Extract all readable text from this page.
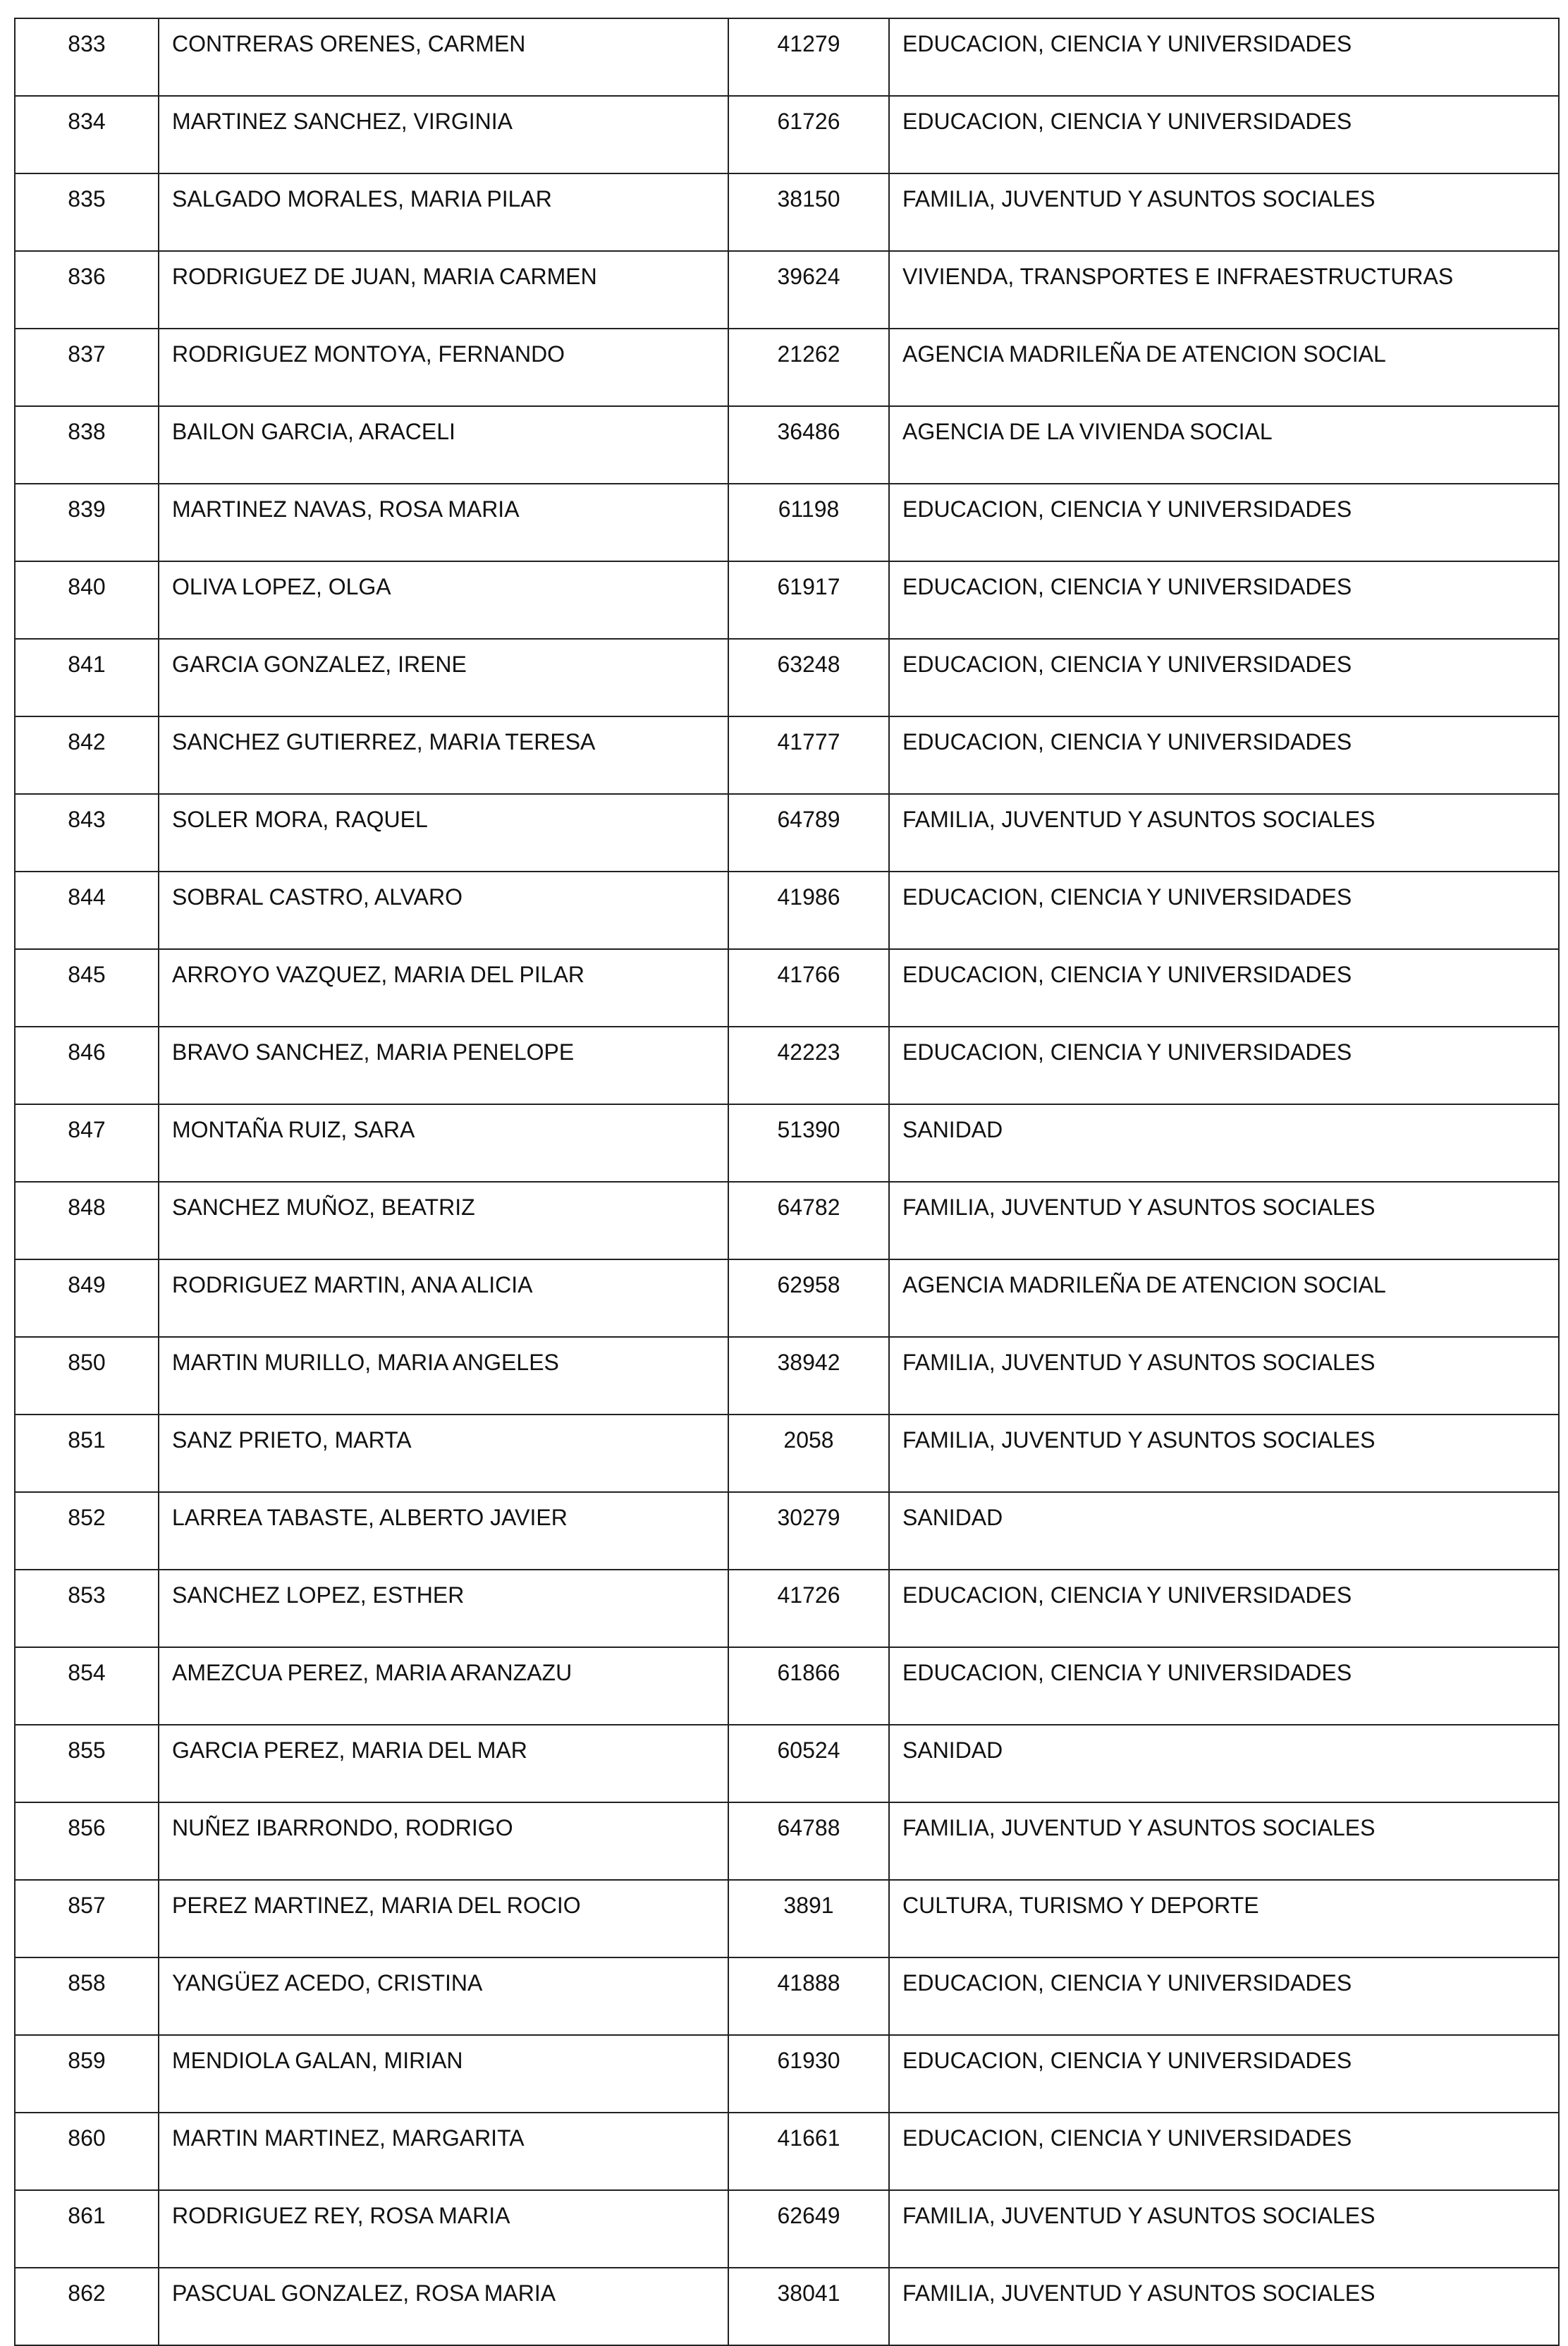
833	CONTRERAS ORENES, CARMEN	41279	EDUCACION, CIENCIA Y UNIVERSIDADES
834	MARTINEZ SANCHEZ, VIRGINIA	61726	EDUCACION, CIENCIA Y UNIVERSIDADES
835	SALGADO MORALES, MARIA PILAR	38150	FAMILIA, JUVENTUD Y ASUNTOS SOCIALES
836	RODRIGUEZ DE JUAN, MARIA CARMEN	39624	VIVIENDA, TRANSPORTES E INFRAESTRUCTURAS
837	RODRIGUEZ MONTOYA, FERNANDO	21262	AGENCIA MADRILEÑA DE ATENCION SOCIAL
838	BAILON GARCIA, ARACELI	36486	AGENCIA DE LA VIVIENDA SOCIAL
839	MARTINEZ NAVAS, ROSA MARIA	61198	EDUCACION, CIENCIA Y UNIVERSIDADES
840	OLIVA LOPEZ, OLGA	61917	EDUCACION, CIENCIA Y UNIVERSIDADES
841	GARCIA GONZALEZ, IRENE	63248	EDUCACION, CIENCIA Y UNIVERSIDADES
842	SANCHEZ GUTIERREZ, MARIA TERESA	41777	EDUCACION, CIENCIA Y UNIVERSIDADES
843	SOLER MORA, RAQUEL	64789	FAMILIA, JUVENTUD Y ASUNTOS SOCIALES
844	SOBRAL CASTRO, ALVARO	41986	EDUCACION, CIENCIA Y UNIVERSIDADES
845	ARROYO VAZQUEZ, MARIA DEL PILAR	41766	EDUCACION, CIENCIA Y UNIVERSIDADES
846	BRAVO SANCHEZ, MARIA PENELOPE	42223	EDUCACION, CIENCIA Y UNIVERSIDADES
847	MONTAÑA RUIZ, SARA	51390	SANIDAD
848	SANCHEZ MUÑOZ, BEATRIZ	64782	FAMILIA, JUVENTUD Y ASUNTOS SOCIALES
849	RODRIGUEZ MARTIN, ANA ALICIA	62958	AGENCIA MADRILEÑA DE ATENCION SOCIAL
850	MARTIN MURILLO, MARIA ANGELES	38942	FAMILIA, JUVENTUD Y ASUNTOS SOCIALES
851	SANZ PRIETO, MARTA	2058	FAMILIA, JUVENTUD Y ASUNTOS SOCIALES
852	LARREA TABASTE, ALBERTO JAVIER	30279	SANIDAD
853	SANCHEZ LOPEZ, ESTHER	41726	EDUCACION, CIENCIA Y UNIVERSIDADES
854	AMEZCUA PEREZ, MARIA ARANZAZU	61866	EDUCACION, CIENCIA Y UNIVERSIDADES
855	GARCIA PEREZ, MARIA DEL MAR	60524	SANIDAD
856	NUÑEZ IBARRONDO, RODRIGO	64788	FAMILIA, JUVENTUD Y ASUNTOS SOCIALES
857	PEREZ MARTINEZ, MARIA DEL ROCIO	3891	CULTURA, TURISMO Y DEPORTE
858	YANGÜEZ ACEDO, CRISTINA	41888	EDUCACION, CIENCIA Y UNIVERSIDADES
859	MENDIOLA GALAN, MIRIAN	61930	EDUCACION, CIENCIA Y UNIVERSIDADES
860	MARTIN MARTINEZ, MARGARITA	41661	EDUCACION, CIENCIA Y UNIVERSIDADES
861	RODRIGUEZ REY, ROSA MARIA	62649	FAMILIA, JUVENTUD Y ASUNTOS SOCIALES
862	PASCUAL GONZALEZ, ROSA MARIA	38041	FAMILIA, JUVENTUD Y ASUNTOS SOCIALES
